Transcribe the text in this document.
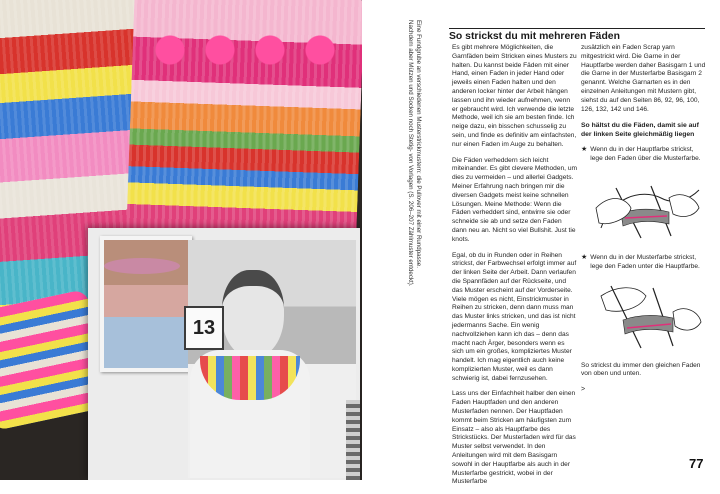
13
Eine Fundgrube an verschiedenen Musterstrickmustern: die Pullover mit einer Rundpasse.
Nachdem aber Mützen und Socken noch Stetig- von Vorlagen (S. 206–207 Zählmuster entdeckt).	So strickst du mit mehreren Fäden

Es gibt mehrere Möglichkeiten, die Garnfäden beim Stricken eines Musters zu halten. Du kannst beide Fäden mit einer Hand, einen Faden in jeder Hand oder jeweils einen Faden halten und den anderen locker hinter der Arbeit hängen lassen und ihn wieder aufnehmen, wenn er gebraucht wird. Ich verwende die letzte Methode, weil ich sie am besten finde. Ich neige dazu, ein bisschen schusselig zu sein, und finde es definitiv am einfachsten, nur einen Faden im Auge zu behalten.

Die Fäden verheddern sich leicht miteinander. Es gibt clevere Methoden, um dies zu vermeiden – und allerlei Gadgets. Meiner Erfahrung nach bringen mir die diversen Gadgets meist keine schnellen Lösungen. Meine Methode: Wenn die Fäden verheddert sind, entwirre sie oder schneide sie ab und setze den Faden dann neu an. Nicht so viel Bullshit. Just tie knots.

Egal, ob du in Runden oder in Reihen strickst, der Farbwechsel erfolgt immer auf der linken Seite der Arbeit. Dann verlaufen die Spannfäden auf der Rückseite, und das Muster erscheint auf der Vorderseite. Viele mögen es nicht, Einstrickmuster in Reihen zu stricken, denn dann muss man das Muster links stricken, und das ist nicht jedermanns Sache. Ein wenig nachvollziehen kann ich das – denn das macht nach Ärger, besonders wenn es sich um ein großes, kompliziertes Muster handelt. Ich mag eigentlich auch keine komplizierten Muster, weil es dann schwierig ist, dabei fernzusehen.

Lass uns der Einfachheit halber den einen Faden Hauptfaden und den anderen Musterfaden nennen. Der Hauptfaden kommt beim Stricken am häufigsten zum Einsatz – also als Hauptfarbe des Strickstücks. Der Musterfaden wird für das Muster selbst verwendet. In den Anleitungen wird mit dem Basisgarn sowohl in der Hauptfarbe als auch in der Musterfarbe gestrickt, wobei in der Musterfarbe

zusätzlich ein Faden Scrap yarn mitgestrickt wird. Die Garne in der Hauptfarbe werden daher Basisgarn 1 und die Garne in der Musterfarbe Basisgarn 2 genannt. Welche Garnarten es in den einzelnen Anleitungen mit Mustern gibt, siehst du auf den Seiten 86, 92, 96, 100, 126, 132, 142 und 146.

So hältst du die Fäden, damit sie auf der linken Seite gleichmäßig liegen

★ Wenn du in der Hauptfarbe strickst, lege den Faden über die Musterfarbe.
★ Wenn du in der Musterfarbe strickst, lege den Faden unter die Hauptfarbe.

So strickst du immer den gleichen Faden von oben und unten.

>
77
